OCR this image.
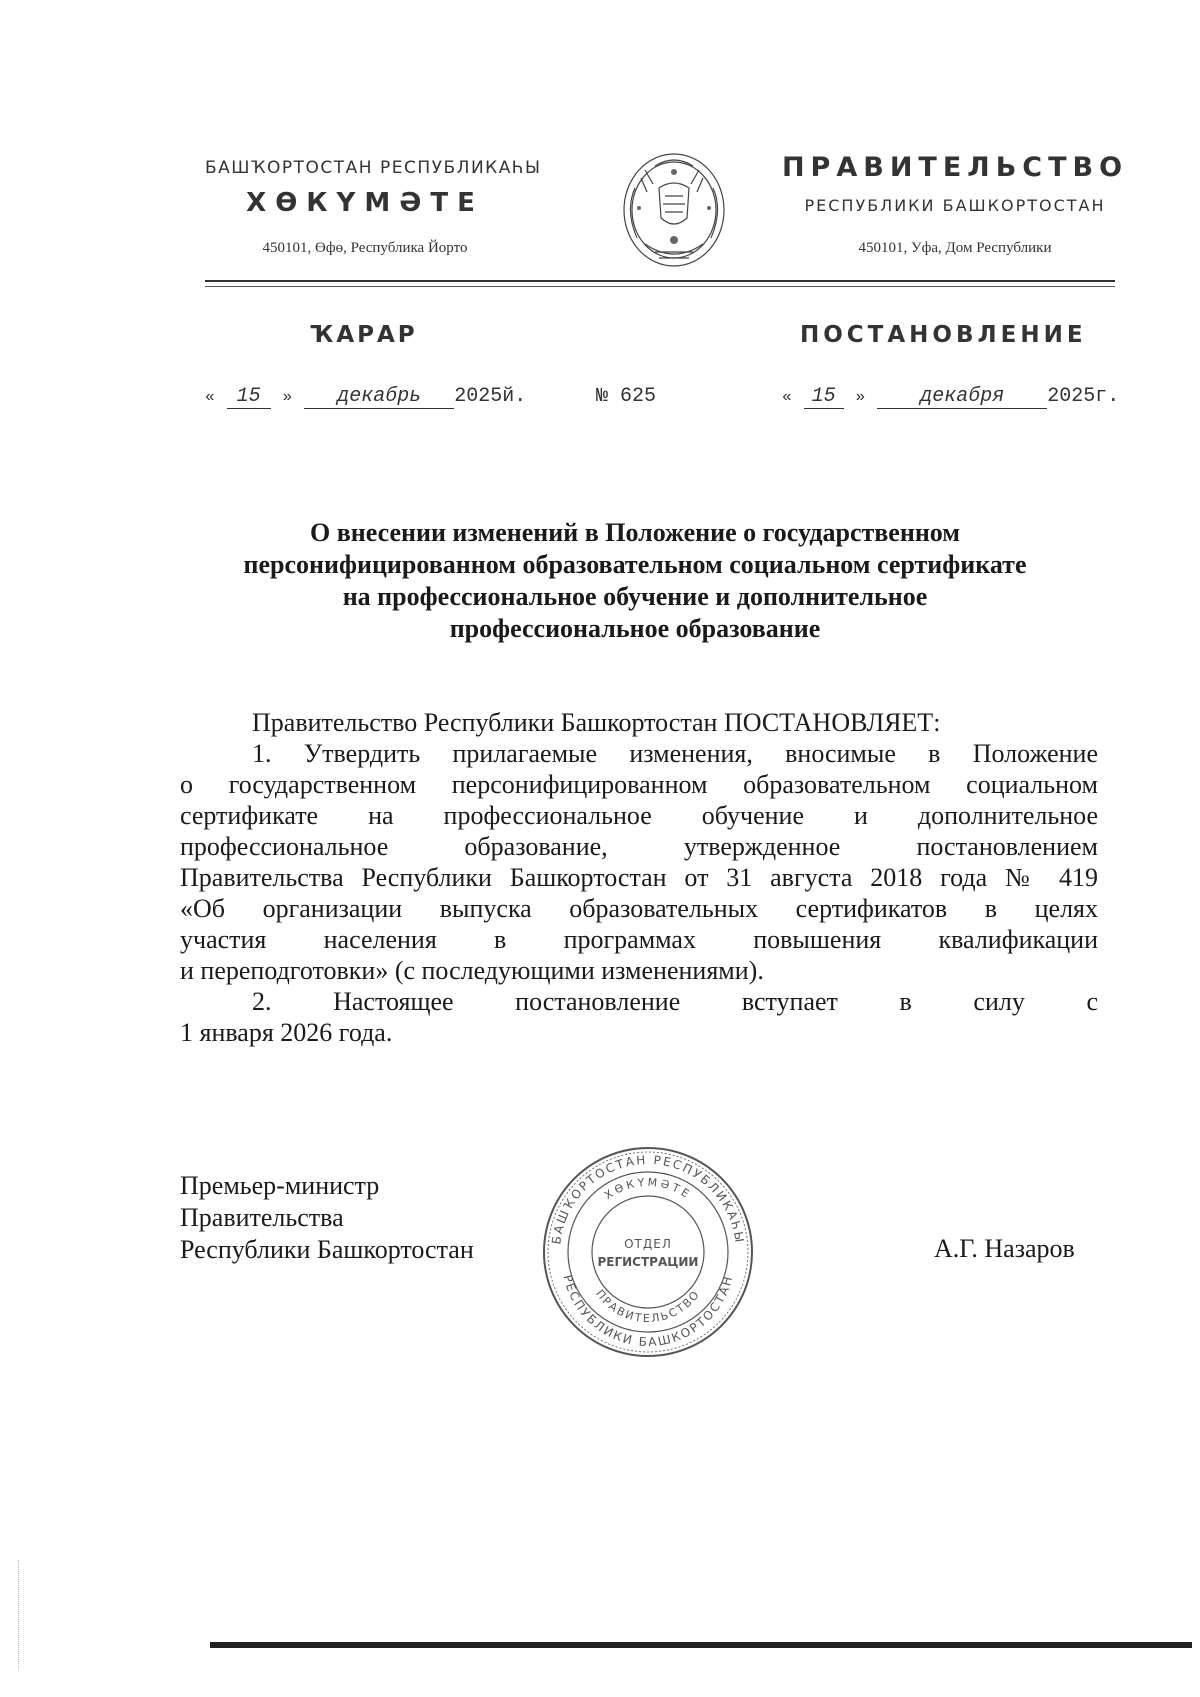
БАШҠОРТОСТАН РЕСПУБЛИКАҺЫ
ХӨКҮМӘТЕ
450101, Өфө, Республика Йорто
ПРАВИТЕЛЬСТВО
РЕСПУБЛИКИ БАШКОРТОСТАН
450101, Уфа, Дом Республики
ҠАРАР	ПОСТАНОВЛЕНИЕ
« 15 » декабрь 2025й.	№ 625	« 15 »	декабря 2025г.
О внесении изменений в Положение о государственном
персонифицированном образовательном социальном сертификате
на профессиональное обучение и дополнительное
профессиональное образование
Правительство Республики Башкортостан ПОСТАНОВЛЯЕТ:
1. Утвердить прилагаемые изменения, вносимые в Положение
о государственном персонифицированном образовательном социальном
сертификате на профессиональное обучение и дополнительное
профессиональное образование, утвержденное постановлением
Правительства Республики Башкортостан от 31 августа 2018 года № 419
«Об организации выпуска образовательных сертификатов в целях
участия населения в программах повышения квалификации
и переподготовки» (с последующими изменениями).
2. Настоящее постановление вступает в силу с
1 января 2026 года.
Премьер-министр
Правительства
Республики Башкортостан	А.Г. Назаров
БАШҠОРТОСТАН РЕСПУБЛИКАҺЫ
ХӨКҮМӘТЕ
ОТДЕЛ
РЕГИСТРАЦИИ
ПРАВИТЕЛЬСТВО
РЕСПУБЛИКИ БАШКОРТОСТАН
